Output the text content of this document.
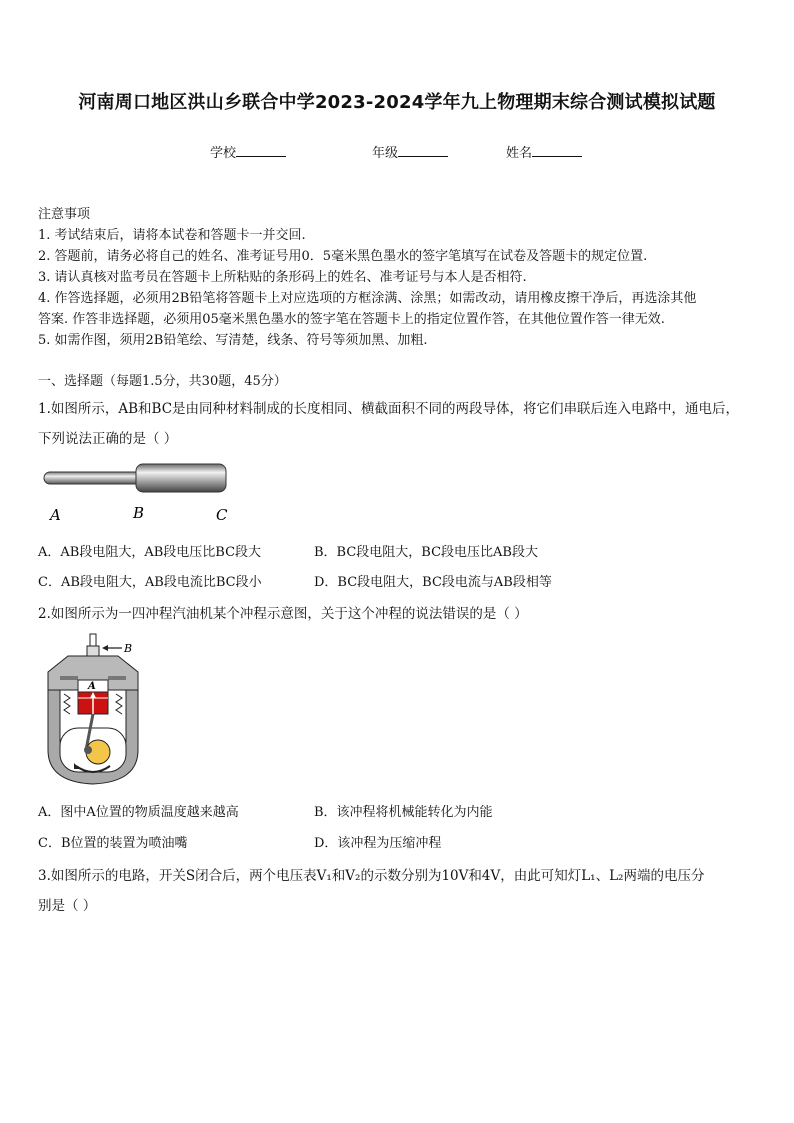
河南周口地区洪山乡联合中学2023-2024学年九上物理期末综合测试模拟试题
学校	年级	姓名
注意事项
1. 考试结束后，请将本试卷和答题卡一并交回.
2. 答题前，请务必将自己的姓名、准考证号用0．5毫米黑色墨水的签字笔填写在试卷及答题卡的规定位置.
3. 请认真核对监考员在答题卡上所粘贴的条形码上的姓名、准考证号与本人是否相符.
4. 作答选择题，必须用2B铅笔将答题卡上对应选项的方框涂满、涂黑；如需改动，请用橡皮擦干净后，再选涂其他
答案. 作答非选择题，必须用05毫米黑色墨水的签字笔在答题卡上的指定位置作答，在其他位置作答一律无效.
5. 如需作图，须用2B铅笔绘、写清楚，线条、符号等须加黑、加粗.
一、选择题（每题1.5分，共30题，45分）
1.如图所示，AB和BC是由同种材料制成的长度相同、横截面积不同的两段导体，将它们串联后连入电路中，通电后，
下列说法正确的是（ ）
A	B	C
A．AB段电阻大，AB段电压比BC段大	B．BC段电阻大，BC段电压比AB段大
C．AB段电阻大，AB段电流比BC段小	D．BC段电阻大，BC段电流与AB段相等
2.如图所示为一四冲程汽油机某个冲程示意图，关于这个冲程的说法错误的是（ ）
B
A
A．图中A位置的物质温度越来越高	B．该冲程将机械能转化为内能
C．B位置的装置为喷油嘴	D．该冲程为压缩冲程
3.如图所示的电路，开关S闭合后，两个电压表V₁和V₂的示数分别为10V和4V，由此可知灯L₁、L₂两端的电压分
别是（ ）
